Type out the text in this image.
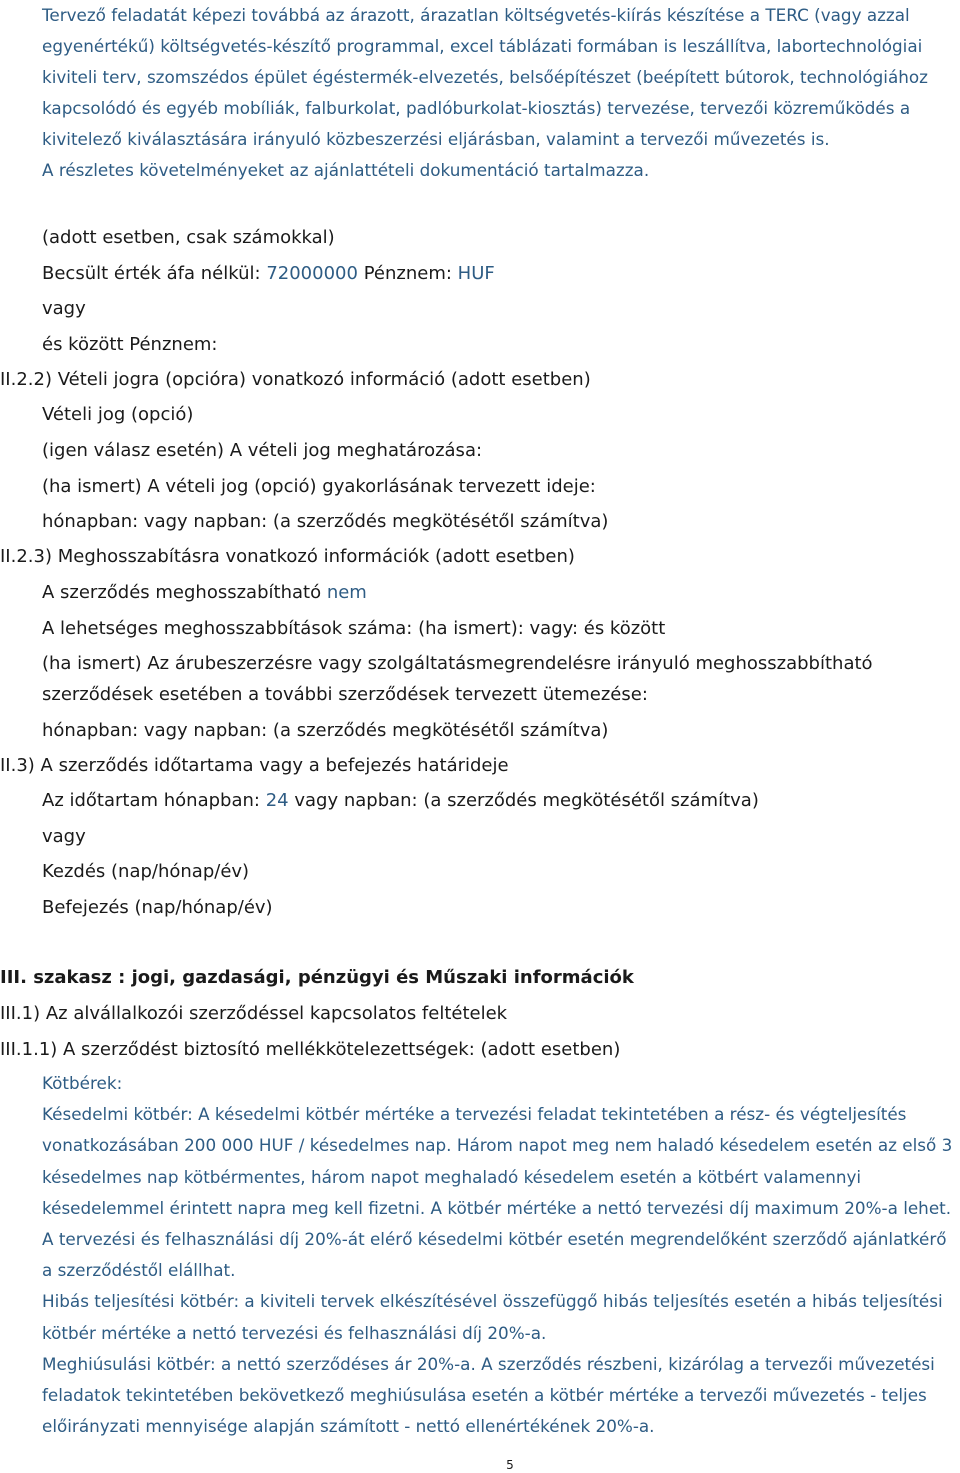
Tervező feladatát képezi továbbá az árazott, árazatlan költségvetés-kiírás készítése a TERC (vagy azzal egyenértékű) költségvetés-készítő programmal, excel táblázati formában is leszállítva, labortechnológiai kiviteli terv, szomszédos épület égéstermék-elvezetés, belsőépítészet (beépített bútorok, technológiához kapcsolódó és egyéb mobíliák, falburkolat, padlóburkolat-kiosztás) tervezése, tervezői közreműködés a kivitelező kiválasztására irányuló közbeszerzési eljárásban, valamint a tervezői művezetés is.

A részletes követelményeket az ajánlattételi dokumentáció tartalmazza.

(adott esetben, csak számokkal)
Becsült érték áfa nélkül: 72000000 Pénznem: HUF
vagy
és között Pénznem:
II.2.2) Vételi jogra (opcióra) vonatkozó információ (adott esetben)
Vételi jog (opció)
(igen válasz esetén) A vételi jog meghatározása:
(ha ismert) A vételi jog (opció) gyakorlásának tervezett ideje:
hónapban: vagy napban: (a szerződés megkötésétől számítva)
II.2.3) Meghosszabításra vonatkozó információk (adott esetben)
A szerződés meghosszabítható nem
A lehetséges meghosszabbítások száma: (ha ismert): vagy: és között
(ha ismert) Az árubeszerzésre vagy szolgáltatásmegrendelésre irányuló meghosszabbítható
szerződések esetében a további szerződések tervezett ütemezése:
hónapban: vagy napban: (a szerződés megkötésétől számítva)
II.3) A szerződés időtartama vagy a befejezés határideje
Az időtartam hónapban: 24 vagy napban: (a szerződés megkötésétől számítva)
vagy
Kezdés (nap/hónap/év)
Befejezés (nap/hónap/év)
III. szakasz : jogi, gazdasági, pénzügyi és Műszaki információk
III.1) Az alvállalkozói szerződéssel kapcsolatos feltételek
III.1.1) A szerződést biztosító mellékkötelezettségek: (adott esetben)

Kötbérek:

Késedelmi kötbér: A késedelmi kötbér mértéke a tervezési feladat tekintetében a rész- és végteljesítés vonatkozásában 200 000 HUF / késedelmes nap. Három napot meg nem haladó késedelem esetén az első 3 késedelmes nap kötbérmentes, három napot meghaladó késedelem esetén a kötbért valamennyi késedelemmel érintett napra meg kell fizetni. A kötbér mértéke a nettó tervezési díj maximum 20%-a lehet. A tervezési és felhasználási díj 20%-át elérő késedelmi kötbér esetén megrendelőként szerződő ajánlatkérő a szerződéstől elállhat.

Hibás teljesítési kötbér: a kiviteli tervek elkészítésével összefüggő hibás teljesítés esetén a hibás teljesítési kötbér mértéke a nettó tervezési és felhasználási díj 20%-a.

Meghiúsulási kötbér: a nettó szerződéses ár 20%-a. A szerződés részbeni, kizárólag a tervezői művezetési feladatok tekintetében bekövetkező meghiúsulása esetén a kötbér mértéke a tervezői művezetés - teljes előirányzati mennyisége alapján számított - nettó ellenértékének 20%-a.

5
